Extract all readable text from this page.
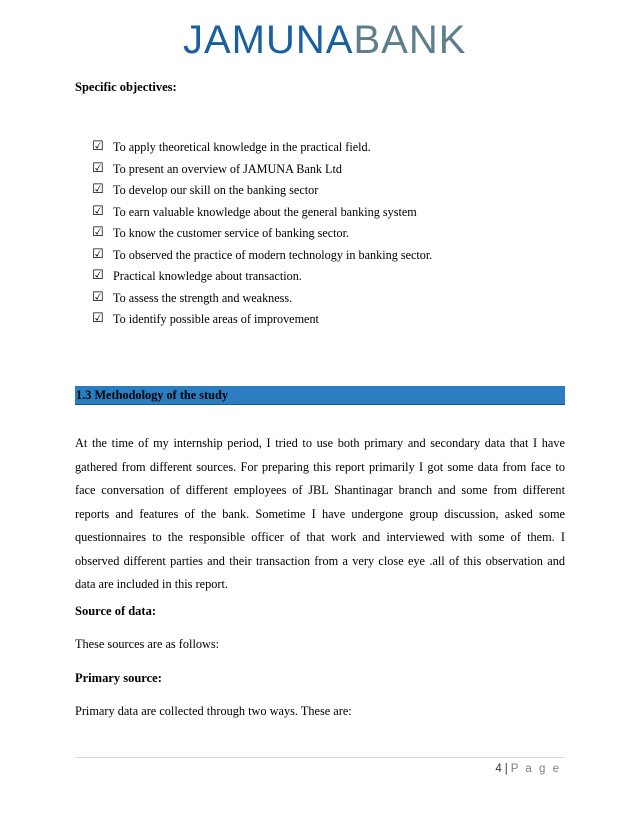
JAMUNA BANK
Specific objectives:
☑ To apply theoretical knowledge in the practical field.
☑ To present an overview of JAMUNA Bank Ltd
☑ To develop our skill on the banking sector
☑ To earn valuable knowledge about the general banking system
☑ To know the customer service of banking sector.
☑ To observed the practice of modern technology in banking sector.
☑ Practical knowledge about transaction.
☑ To assess the strength and weakness.
☑ To identify possible areas of improvement
1.3 Methodology of the study

At the time of my internship period, I tried to use both primary and secondary data that I have gathered from different sources. For preparing this report primarily I got some data from face to face conversation of different employees of JBL Shantinagar branch and some from different reports and features of the bank. Sometime I have undergone group discussion, asked some questionnaires to the responsible officer of that work and interviewed with some of them. I observed different parties and their transaction from a very close eye .all of this observation and data are included in this report.

Source of data:

These sources are as follows:

Primary source:

Primary data are collected through two ways. These are:

4 | P a g e
